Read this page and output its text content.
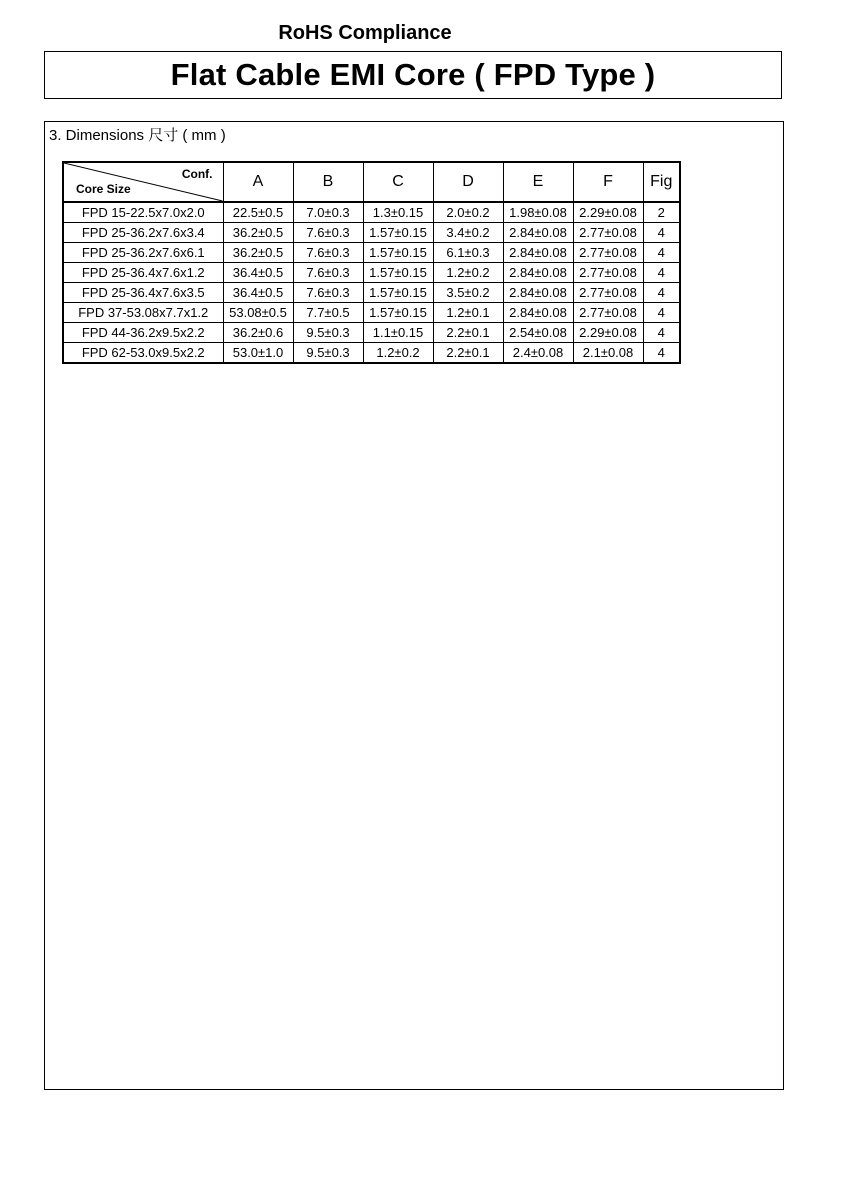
RoHS Compliance
Flat Cable EMI Core ( FPD Type )
3. Dimensions 尺寸 ( mm )
Conf.
Core Size	A	B	C	D	E	F	Fig
FPD 15-22.5x7.0x2.0	22.5±0.5	7.0±0.3	1.3±0.15	2.0±0.2	1.98±0.08	2.29±0.08	2
FPD 25-36.2x7.6x3.4	36.2±0.5	7.6±0.3	1.57±0.15	3.4±0.2	2.84±0.08	2.77±0.08	4
FPD 25-36.2x7.6x6.1	36.2±0.5	7.6±0.3	1.57±0.15	6.1±0.3	2.84±0.08	2.77±0.08	4
FPD 25-36.4x7.6x1.2	36.4±0.5	7.6±0.3	1.57±0.15	1.2±0.2	2.84±0.08	2.77±0.08	4
FPD 25-36.4x7.6x3.5	36.4±0.5	7.6±0.3	1.57±0.15	3.5±0.2	2.84±0.08	2.77±0.08	4
FPD 37-53.08x7.7x1.2	53.08±0.5	7.7±0.5	1.57±0.15	1.2±0.1	2.84±0.08	2.77±0.08	4
FPD 44-36.2x9.5x2.2	36.2±0.6	9.5±0.3	1.1±0.15	2.2±0.1	2.54±0.08	2.29±0.08	4
FPD 62-53.0x9.5x2.2	53.0±1.0	9.5±0.3	1.2±0.2	2.2±0.1	2.4±0.08	2.1±0.08	4
